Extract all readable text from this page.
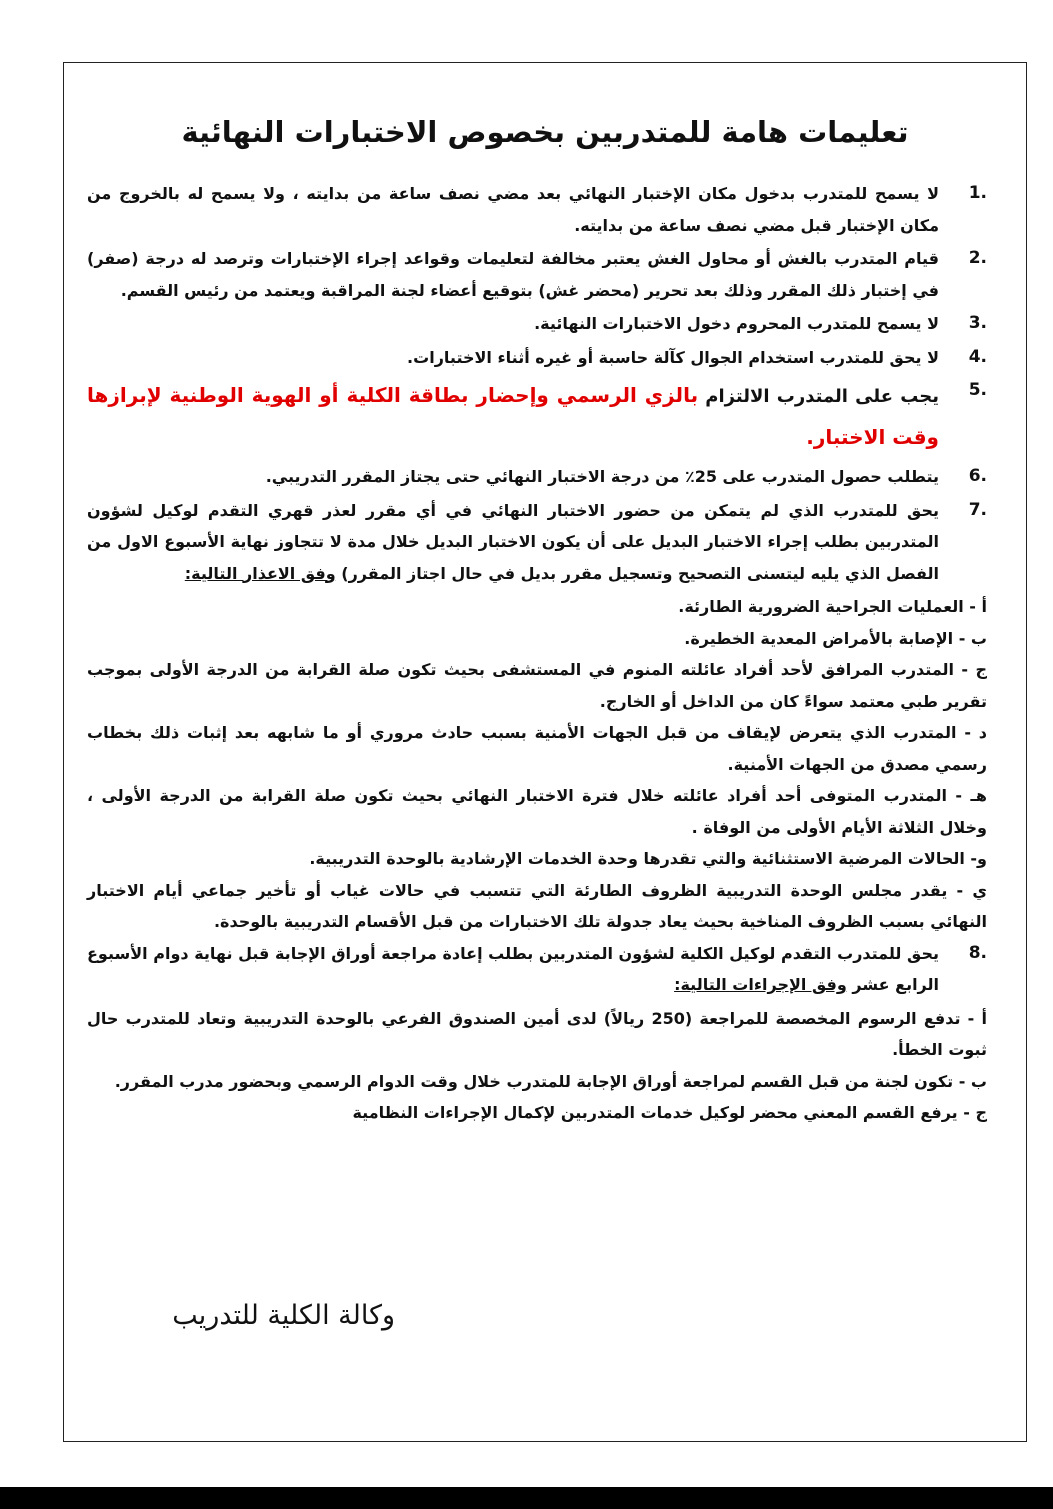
تعليمات هامة للمتدربين بخصوص الاختبارات النهائية
1.

لا يسمح للمتدرب بدخول مكان الإختبار النهائي بعد مضي نصف ساعة من بدايته ، ولا يسمح له بالخروج من مكان الإختبار قبل مضي نصف ساعة من بدايته.

2.

قيام المتدرب بالغش أو محاول الغش يعتبر مخالفة لتعليمات وقواعد إجراء الإختبارات وترصد له درجة (صفر) في إختبار ذلك المقرر وذلك بعد تحرير (محضر غش) بتوقيع أعضاء لجنة المراقبة ويعتمد من رئيس القسم.

3.

لا يسمح للمتدرب المحروم دخول الاختبارات النهائية.

4.

لا يحق للمتدرب استخدام الجوال كآلة حاسبة أو غيره أثناء الاختبارات.

5.

يجب على المتدرب الالتزام بالزي الرسمي وإحضار بطاقة الكلية أو الهوية الوطنية لإبرازها وقت الاختبار.

6.

يتطلب حصول المتدرب على 25٪ من درجة الاختبار النهائي حتى يجتاز المقرر التدريبي.

7.

يحق للمتدرب الذي لم يتمكن من حضور الاختبار النهائي في أي مقرر لعذر قهري التقدم لوكيل لشؤون المتدربين بطلب إجراء الاختبار البديل على أن يكون الاختبار البديل خلال مدة لا تتجاوز نهاية الأسبوع الاول من الفصل الذي يليه ليتسنى التصحيح وتسجيل مقرر بديل في حال اجتاز المقرر) وفق الاعذار التالية:

أ - العمليات الجراحية الضرورية الطارئة.

ب - الإصابة بالأمراض المعدية الخطيرة.

ج - المتدرب المرافق لأحد أفراد عائلته المنوم في المستشفى بحيث تكون صلة القرابة من الدرجة الأولى بموجب تقرير طبي معتمد سواءً كان من الداخل أو الخارج.

د - المتدرب الذي يتعرض لإيقاف من قبل الجهات الأمنية بسبب حادث مروري أو ما شابهه بعد إثبات ذلك بخطاب رسمي مصدق من الجهات الأمنية.

هـ - المتدرب المتوفى أحد أفراد عائلته خلال فترة الاختبار النهائي بحيث تكون صلة القرابة من الدرجة الأولى ، وخلال الثلاثة الأيام الأولى من الوفاة .

و- الحالات المرضية الاستثنائية والتي تقدرها وحدة الخدمات الإرشادية بالوحدة التدريبية.

ي - يقدر مجلس الوحدة التدريبية الظروف الطارئة التي تتسبب في حالات غياب أو تأخير جماعي أيام الاختبار النهائي بسبب الظروف المناخية بحيث يعاد جدولة تلك الاختبارات من قبل الأقسام التدريبية بالوحدة.

8.

يحق للمتدرب التقدم لوكيل الكلية لشؤون المتدربين بطلب إعادة مراجعة أوراق الإجابة قبل نهاية دوام الأسبوع الرابع عشر وفق الإجراءات التالية:

أ - تدفع الرسوم المخصصة للمراجعة (250 ريالاً) لدى أمين الصندوق الفرعي بالوحدة التدريبية وتعاد للمتدرب حال ثبوت الخطأ.

ب - تكون لجنة من قبل القسم لمراجعة أوراق الإجابة للمتدرب خلال وقت الدوام الرسمي وبحضور مدرب المقرر.

ج - يرفع القسم المعني محضر لوكيل خدمات المتدربين لإكمال الإجراءات النظامية

وكالة الكلية للتدريب
